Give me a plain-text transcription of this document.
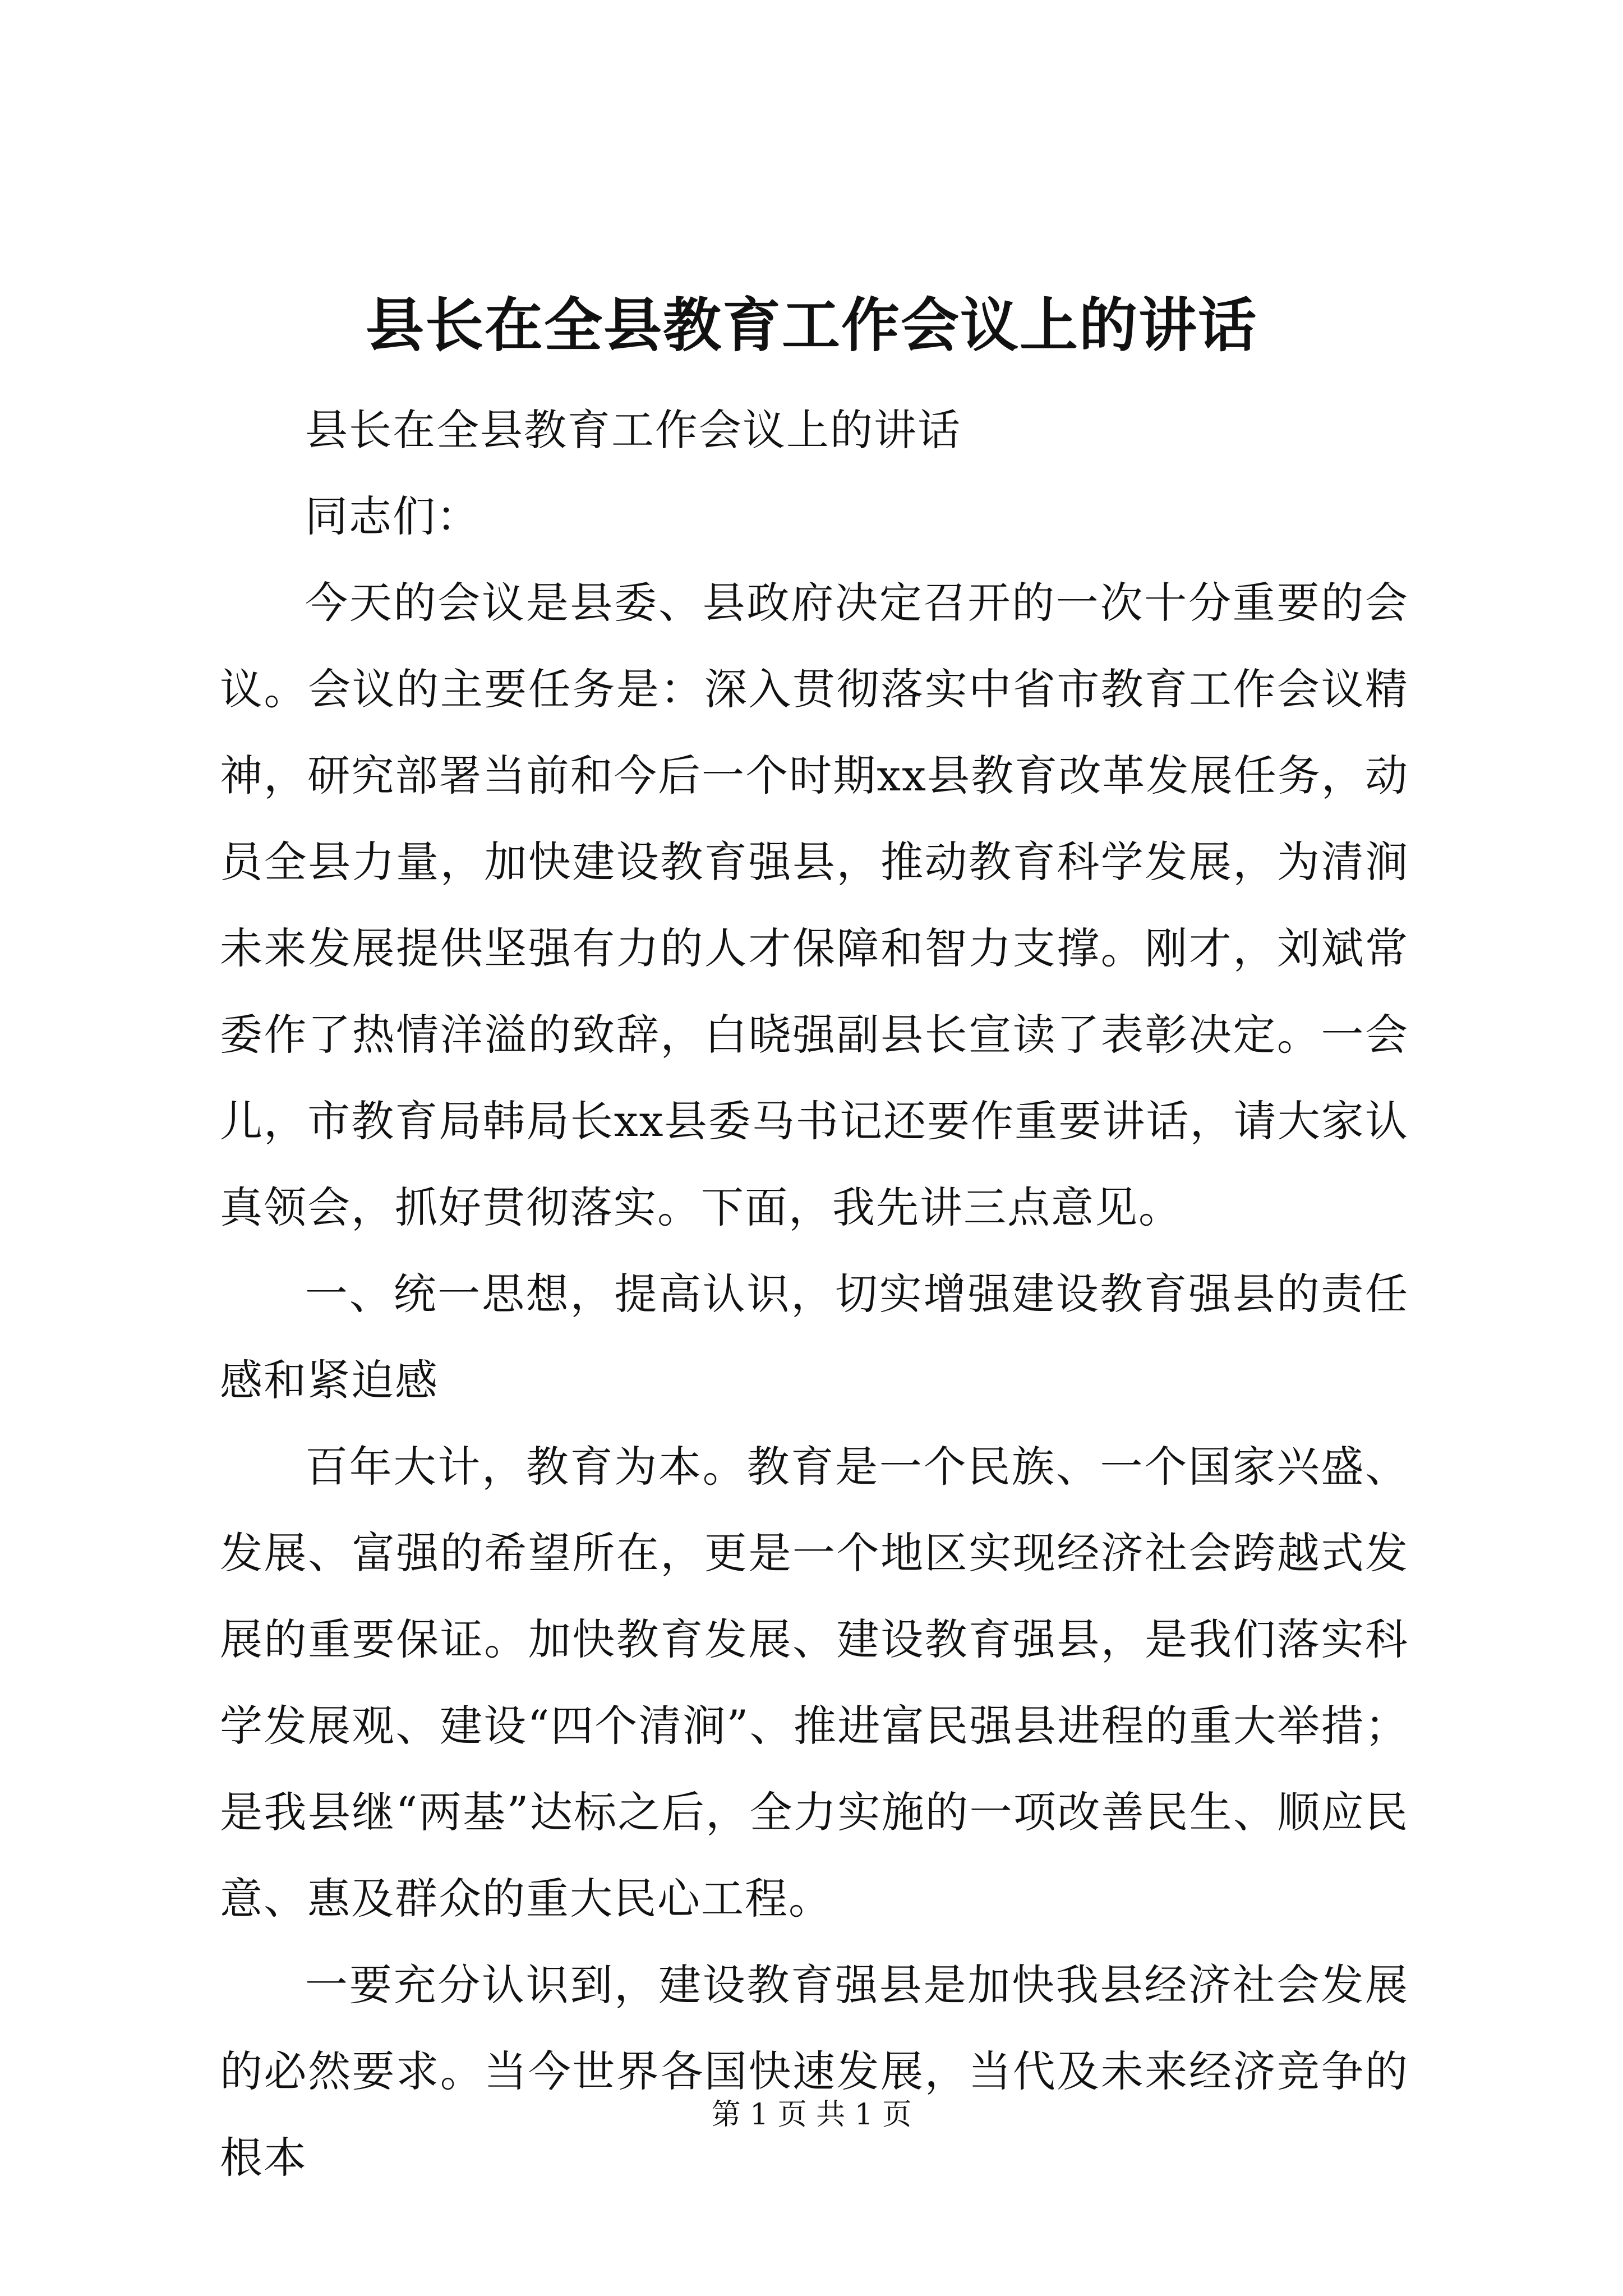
县长在全县教育工作会议上的讲话

县长在全县教育工作会议上的讲话

同志们：

今天的会议是县委、县政府决定召开的一次十分重要的会议。会议的主要任务是：深入贯彻落实中省市教育工作会议精神，研究部署当前和今后一个时期xx县教育改革发展任务，动员全县力量，加快建设教育强县，推动教育科学发展，为清涧未来发展提供坚强有力的人才保障和智力支撑。刚才，刘斌常委作了热情洋溢的致辞，白晓强副县长宣读了表彰决定。一会儿，市教育局韩局长xx县委马书记还要作重要讲话，请大家认真领会，抓好贯彻落实。下面，我先讲三点意见。

一、统一思想，提高认识，切实增强建设教育强县的责任感和紧迫感

百年大计，教育为本。教育是一个民族、一个国家兴盛、发展、富强的希望所在，更是一个地区实现经济社会跨越式发展的重要保证。加快教育发展、建设教育强县，是我们落实科学发展观、建设“四个清涧”、推进富民强县进程的重大举措；是我县继“两基”达标之后，全力实施的一项改善民生、顺应民意、惠及群众的重大民心工程。

一要充分认识到，建设教育强县是加快我县经济社会发展的必然要求。当今世界各国快速发展，当代及未来经济竞争的根本

第 1 页 共 1 页
